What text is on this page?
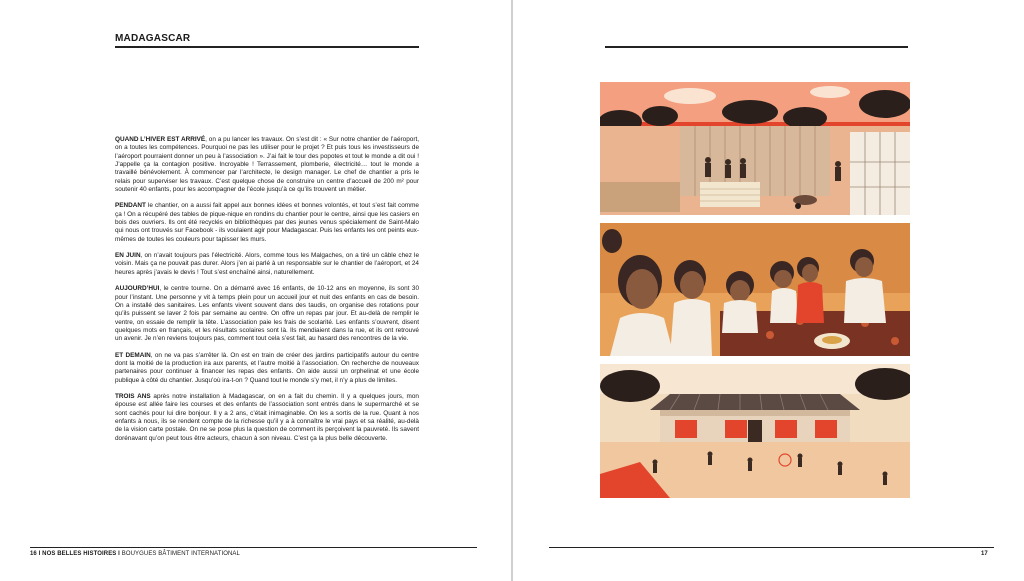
MADAGASCAR

QUAND L’HIVER EST ARRIVÉ, on a pu lancer les travaux. On s’est dit : « Sur notre chantier de l’aéroport, on a toutes les compétences. Pourquoi ne pas les utiliser pour le projet ? Et puis tous les investisseurs de l’aéroport pourraient donner un peu à l’association ». J’ai fait le tour des popotes et tout le monde a dit oui ! J’appelle ça la contagion positive. Incroyable ! Terrassement, plomberie, électricité… tout le monde a travaillé bénévolement. À commencer par l’architecte, le design manager. Le chef de chantier a pris le relais pour superviser les travaux. C’est quelque chose de construire un centre d’accueil de 200 m² pour soutenir 40 enfants, pour les accompagner de l’école jusqu’à ce qu’ils trouvent un métier.

PENDANT le chantier, on a aussi fait appel aux bonnes idées et bonnes volontés, et tout s’est fait comme ça ! On a récupéré des tables de pique-nique en rondins du chantier pour le centre, ainsi que les casiers en bois des ouvriers. Ils ont été recyclés en bibliothèques par des jeunes venus spécialement de Saint-Malo qui nous ont trouvés sur Facebook - ils voulaient agir pour Madagascar. Puis les enfants les ont peints eux-mêmes de toutes les couleurs pour tapisser les murs.

EN JUIN, on n’avait toujours pas l’électricité. Alors, comme tous les Malgaches, on a tiré un câble chez le voisin. Mais ça ne pouvait pas durer. Alors j’en ai parlé à un responsable sur le chantier de l’aéroport, et 24 heures après j’avais le devis ! Tout s’est enchaîné ainsi, naturellement.

AUJOURD’HUI, le centre tourne. On a démarré avec 16 enfants, de 10-12 ans en moyenne, ils sont 30 pour l’instant. Une personne y vit à temps plein pour un accueil jour et nuit des enfants en cas de besoin. On a installé des sanitaires. Les enfants vivent souvent dans des taudis, on organise des rotations pour qu’ils puissent se laver 2 fois par semaine au centre. On offre un repas par jour. Et au-delà de remplir le ventre, on essaie de remplir la tête. L’association paie les frais de scolarité. Les enfants s’ouvrent, disent quelques mots en français, et les résultats scolaires sont là. Ils mendiaient dans la rue, et ils ont retrouvé un avenir. Je n’en reviens toujours pas, comment tout cela s’est fait, au hasard des rencontres de la vie.

ET DEMAIN, on ne va pas s’arrêter là. On est en train de créer des jardins participatifs autour du centre dont la moitié de la production ira aux parents, et l’autre moitié à l’association. On recherche de nouveaux partenaires pour continuer à financer les repas des enfants. On aide aussi un orphelinat et une école publique à côté du chantier. Jusqu’où ira-t-on ? Quand tout le monde s’y met, il n’y a plus de limites.

TROIS ANS après notre installation à Madagascar, on en a fait du chemin. Il y a quelques jours, mon épouse est allée faire les courses et des enfants de l’association sont entrés dans le supermarché et se sont cachés pour lui dire bonjour. Il y a 2 ans, c’était inimaginable. On les a sortis de la rue. Quant à nos enfants à nous, ils se rendent compte de la richesse qu’il y a à connaître le vrai pays et sa réalité, au-delà de la vision carte postale. On ne se pose plus la question de comment ils perçoivent la pauvreté. Ils savent dorénavant qu’on peut tous être acteurs, chacun à son niveau. C’est ça la plus belle découverte.

16 I NOS BELLES HISTOIRES I BOUYGUES BÂTIMENT INTERNATIONAL	17
